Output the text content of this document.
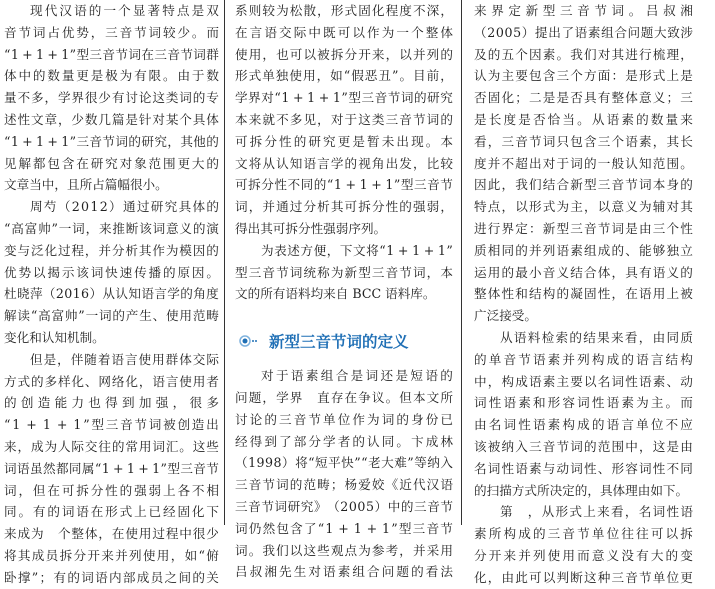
现 代 汉 语 的 一 个 显 著 特 点 是 双
音 节 词 占 优 势 ， 三 音 节 词 较 少 。 而
“ 1
  +
  1
  +
  1 ” 型 三 音 节 词 在 三 音 节 词 群
体 中 的 数 量 更 是 极 为 有 限 。 由 于 数
量 不 多 ， 学 界 很 少 有 讨 论 这 类 词 的 专
述 性 文 章 ， 少 数 几 篇 是 针 对 某 个 具 体
“ 1
  +
  1
  +
  1 ” 三 音 节 词 的 研 究 ， 其 他 的
见 解 都 包 含 在 研 究 对 象 范 围 更 大 的
文章当中，且所占篇幅很小。
周 芍 （ 2 0 1 2 ） 通 过 研 究 具 体 的
“ 高 富 帅 ” 一 词 ， 来 推 断 该 词 意 义 的 演
变 与 泛 化 过 程 ， 并 分 析 其 作 为 模 因 的
优 势 以 揭 示 该 词 快 速 传 播 的 原 因 。
杜 晓 萍 （ 2 0 1 6 ） 从 认 知 语 言 学 的 角 度
解 读 “ 高 富 帅 ” 一 词 的 产 生 、 使 用 范 畴
变化和认知机制。
但 是 ， 伴 随 着 语 言 使 用 群 体 交 际
方 式 的 多 样 化 、 网 络 化 ， 语 言 使 用 者
的 创 造 能 力 也 得 到 加 强 ， 很 多
“ 1
  +
  1
  +
  1 ” 型 三 音 节 词 被 创 造 出
来 ， 成 为 人 际 交 往 的 常 用 词 汇 。 这 些
词 语 虽 然 都 同 属 “ 1
  +
  1
  +
  1 ” 型 三 音 节
词 ， 但 在 可 拆 分 性 的 强 弱 上 各 不 相
同 。 有 的 词 语 在 形 式 上 已 经 固 化 下
来 成 为
　 个 整 体 ， 在 使 用 过 程 中 很 少
将 其 成 员 拆 分 开 来 并 列 使 用 ， 如 “ 俯
卧 撑 ” ； 有 的 词 语 内 部 成 员 之 间 的 关
系 则 较 为 松 散 ， 形 式 固 化 程 度 不 深 ，
在 言 语 交 际 中 既 可 以 作 为 一 个 整 体
使 用 ， 也 可 以 被 拆 分 开 来 ， 以 并 列 的
形 式 单 独 使 用 ， 如 “ 假 恶 丑 ” 。 目 前 ，
学 界 对 “ 1
  +
  1
  +
  1 ” 型 三 音 节 词 的 研 究
本 来 就 不 多 见 ， 对 于 这 类 三 音 节 词 的
可 拆 分 性 的 研 究 更 是 暂 未 出 现 。 本
文 将 从 认 知 语 言 学 的 视 角 出 发 ， 比 较
可 拆 分 性 不 同 的 “ 1
  +
  1
  +
  1 ” 型 三 音 节
词 ， 并 通 过 分 析 其 可 拆 分 性 的 强 弱 ，
得出其可拆分性强弱序列。
为 表 述 方 便 ， 下 文 将 “ 1
  +
  1
  +
  1 ”
型 三 音 节 词 统 称 为 新 型 三 音 节 词 ， 本
文的所有语料均来自 BCC 语料库。
新型三音节词的定义
对 于 语 素 组 合 是 词 还 是 短 语 的
问 题 ， 学 界
　 直 存 在 争 议 。 但 本 文 所
讨 论 的 三 音 节 单 位 作 为 词 的 身 份 已
经 得 到 了 部 分 学 者 的 认 同 。 卞 成 林
（ 1 9 9 8 ） 将 “ 短 平 快 ” “ 老 大 难 ” 等 纳 入
三 音 节 词 的 范 畴 ； 杨 爱 姣 《 近 代 汉 语
三 音 节 词 研 究 》 （ 2 0 0 5 ） 中 的 三 音 节
词 仍 然 包 含 了 “ 1
  +
  1
  +
  1 ” 型 三 音 节
词 。 我 们 以 这 些 观 点 为 参 考 ， 并 采 用
吕 叔 湘 先 生 对 语 素 组 合 问 题 的 看 法
来 界 定 新 型 三 音 节 词 。 吕 叔 湘
（ 2 0 0 5 ） 提 出 了 语 素 组 合 问 题 大 致 涉
及 的 五 个 因 素 。 我 们 对 其 进 行 梳 理 ，
认 为 主 要 包 含 三 个 方 面 ： 是 形 式 上 是
否 固 化 ； 二 是 是 否 具 有 整 体 意 义 ； 三
是 长 度 是 否 恰 当 。 从 语 素 的 数 量 来
看 ， 三 音 节 词 只 包 含 三 个 语 素 ， 其 长
度 并 不 超 出 对 于 词 的 一 般 认 知 范 围 。
因 此 ， 我 们 结 合 新 型 三 音 节 词 本 身 的
特 点 ， 以 形 式 为 主 ， 以 意 义 为 辅 对 其
进 行 界 定 ： 新 型 三 音 节 词 是 由 三 个 性
质 相 同 的 并 列 语 素 组 成 的 、 能 够 独 立
运 用 的 最 小 音 义 结 合 体 ， 具 有 语 义 的
整 体 性 和 结 构 的 凝 固 性 ， 在 语 用 上 被
广泛接受。
从 语 料 检 索 的 结 果 来 看 ， 由 同 质
的 单 音 节 语 素 并 列 构 成 的 语 言 结 构
中 ， 构 成 语 素 主 要 以 名 词 性 语 素 、 动
词 性 语 素 和 形 容 词 性 语 素 为 主 。 而
由 名 词 性 语 素 构 成 的 语 言 单 位 不 应
该 被 纳 入 三 音 节 词 的 范 围 中 ， 这 是 由
名 词 性 语 素 与 动 词 性 、 形 容 词 性 不 同
的扫描方式所决定的，具体理由如下。
第
　 ， 从 形 式 上 来 看 ， 名 词 性 语
素 所 构 成 的 三 音 节 单 位 往 往 可 以 拆
分 开 来 并 列 使 用 而 意 义 没 有 大 的 变
化 ， 由 此 可 以 判 断 这 种 三 音 节 单 位 更
